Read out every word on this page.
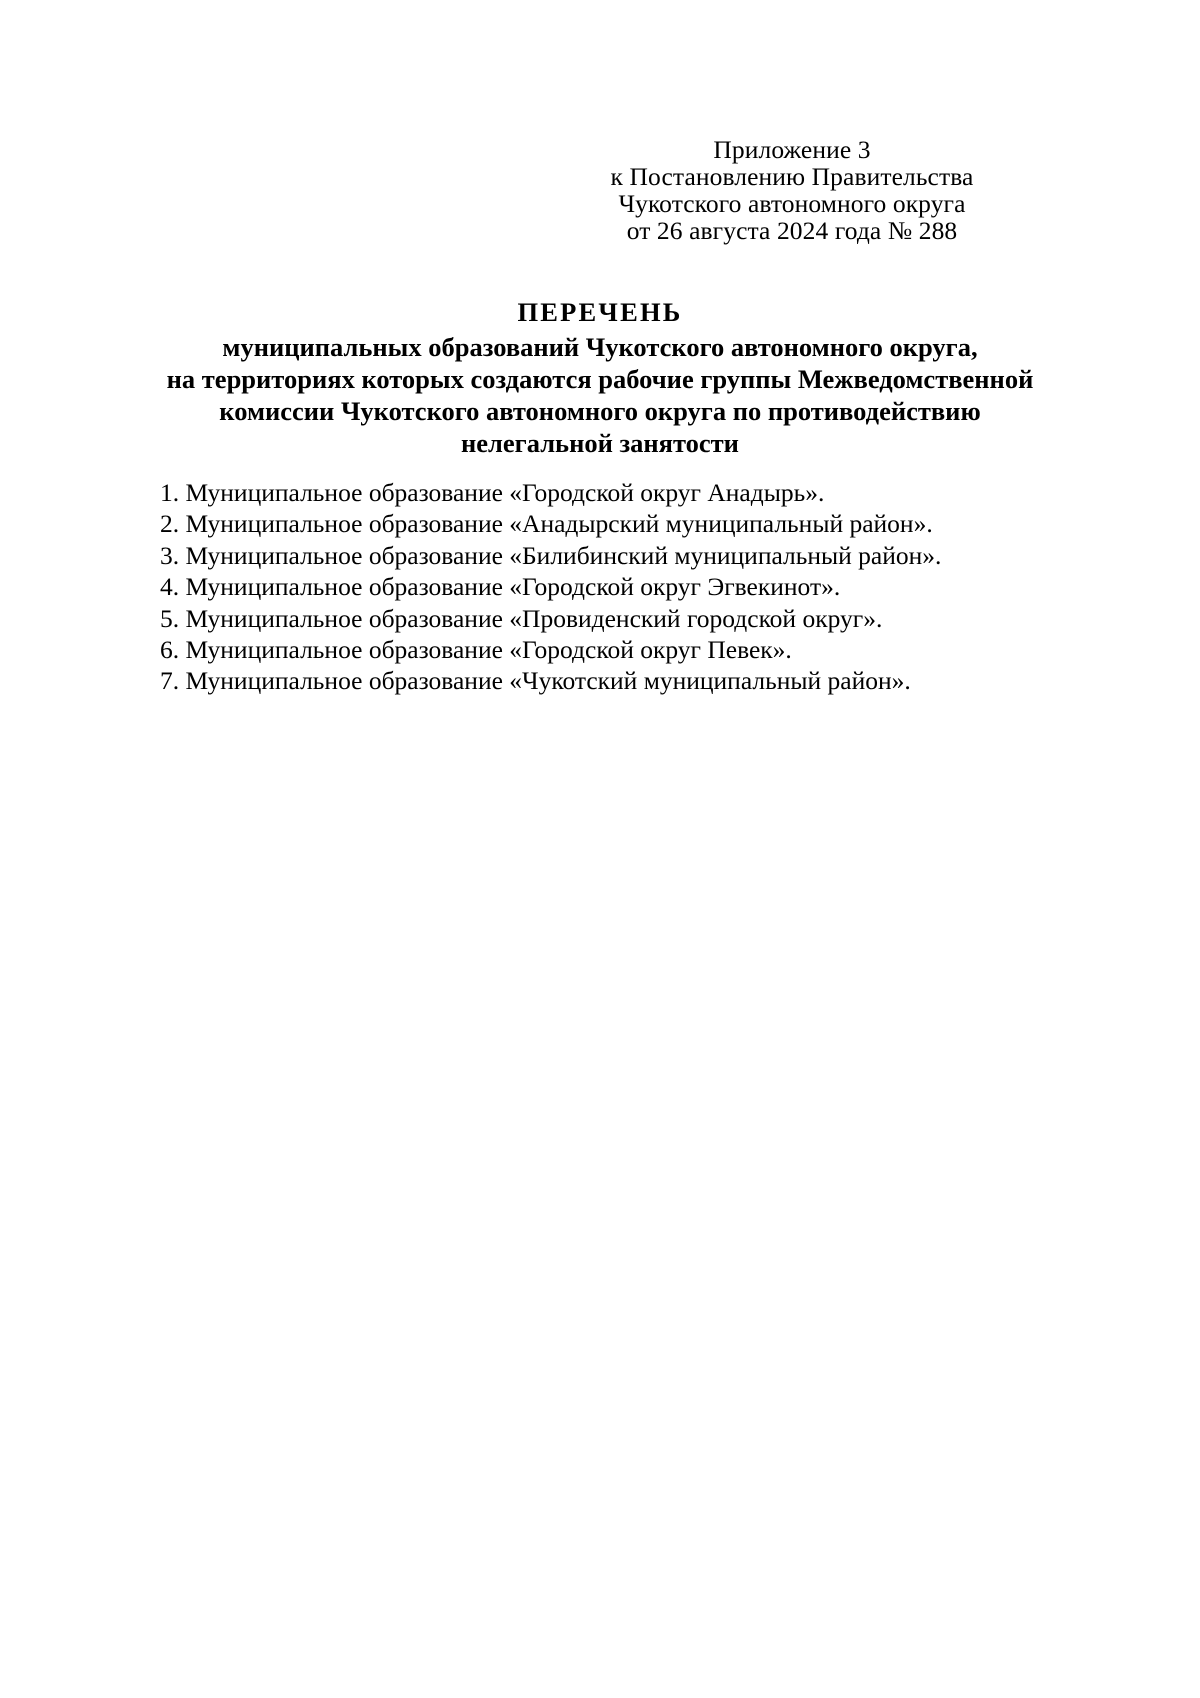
Приложение 3
к Постановлению Правительства
Чукотского автономного округа
от 26 августа 2024 года № 288
ПЕРЕЧЕНЬ
муниципальных образований Чукотского автономного округа,
на территориях которых создаются рабочие группы Межведомственной
комиссии Чукотского автономного округа по противодействию
нелегальной занятости
1. Муниципальное образование «Городской округ Анадырь».
2. Муниципальное образование «Анадырский муниципальный район».
3. Муниципальное образование «Билибинский муниципальный район».
4. Муниципальное образование «Городской округ Эгвекинот».
5. Муниципальное образование «Провиденский городской округ».
6. Муниципальное образование «Городской округ Певек».
7. Муниципальное образование «Чукотский муниципальный район».
